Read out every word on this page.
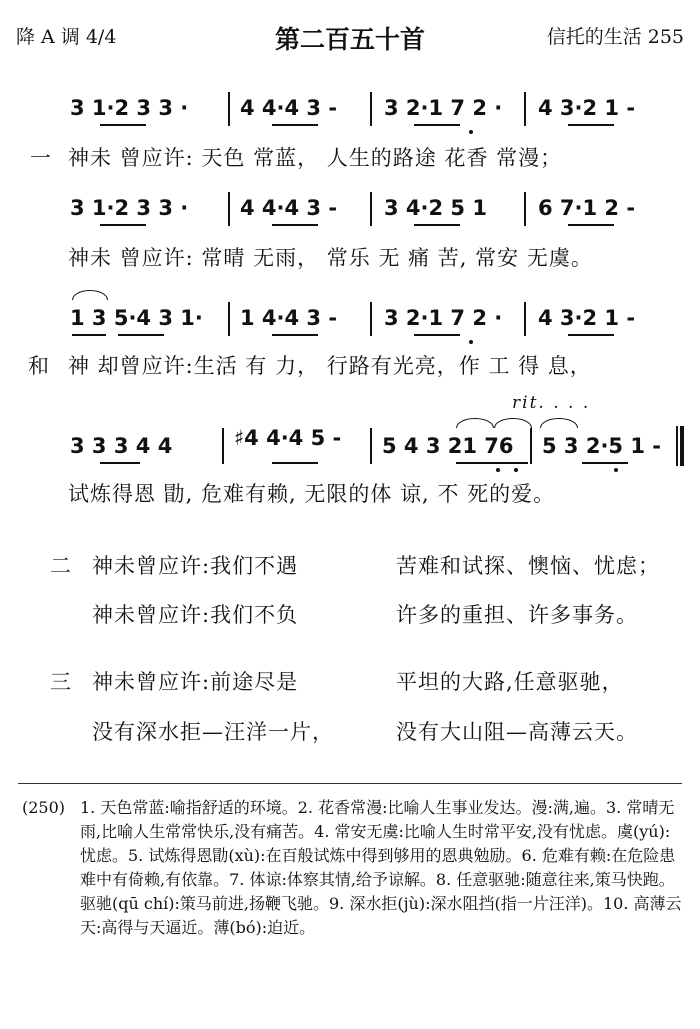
降 A 调 4/4	第二百五十首	信托的生活 255
3 1·2 3 3 · 4 4·4 3 - 3 2·1 7 2 · 4 3·2 1 -
一 神未 曾应许: 天色 常蓝， 人生的路途 花香 常漫；
3 1·2 3 3 · 4 4·4 3 - 3 4·2 5 1 6 7·1 2 -
神未 曾应许: 常晴 无雨， 常乐 无 痛 苦, 常安 无虞。
1 3 5·4 3 1· 1 4·4 3 - 3 2·1 7 2 · 4 3·2 1 -
和 神 却曾应许:生活 有 力， 行路有光亮，作 工 得 息，
rit. . . .
3 3 3 4 4	♯4 4·4 5 - 5 4 3 21 76 5 3 2·5 1 -
试炼得恩 勖, 危难有赖, 无限的体 谅, 不 死的爱。
二 神未曾应许:我们不遇	苦难和试探、懊恼、忧虑；
神未曾应许:我们不负	许多的重担、许多事务。
三 神未曾应许:前途尽是	平坦的大路,任意驱驰，
没有深水拒—汪洋一片，	没有大山阻—高薄云天。
(250) 1. 天色常蓝:喻指舒适的环境。2. 花香常漫:比喻人生事业发达。漫:满,遍。3. 常晴无雨,比喻人生常常快乐,没有痛苦。4. 常安无虞:比喻人生时常平安,没有忧虑。虞(yú):忧虑。5. 试炼得恩勖(xù):在百般试炼中得到够用的恩典勉励。6. 危难有赖:在危险患难中有倚赖,有依靠。7. 体谅:体察其情,给予谅解。8. 任意驱驰:随意往来,策马快跑。驱驰(qū chí):策马前进,扬鞭飞驰。9. 深水拒(jù):深水阻挡(指一片汪洋)。10. 高薄云天:高得与天逼近。薄(bó):迫近。
